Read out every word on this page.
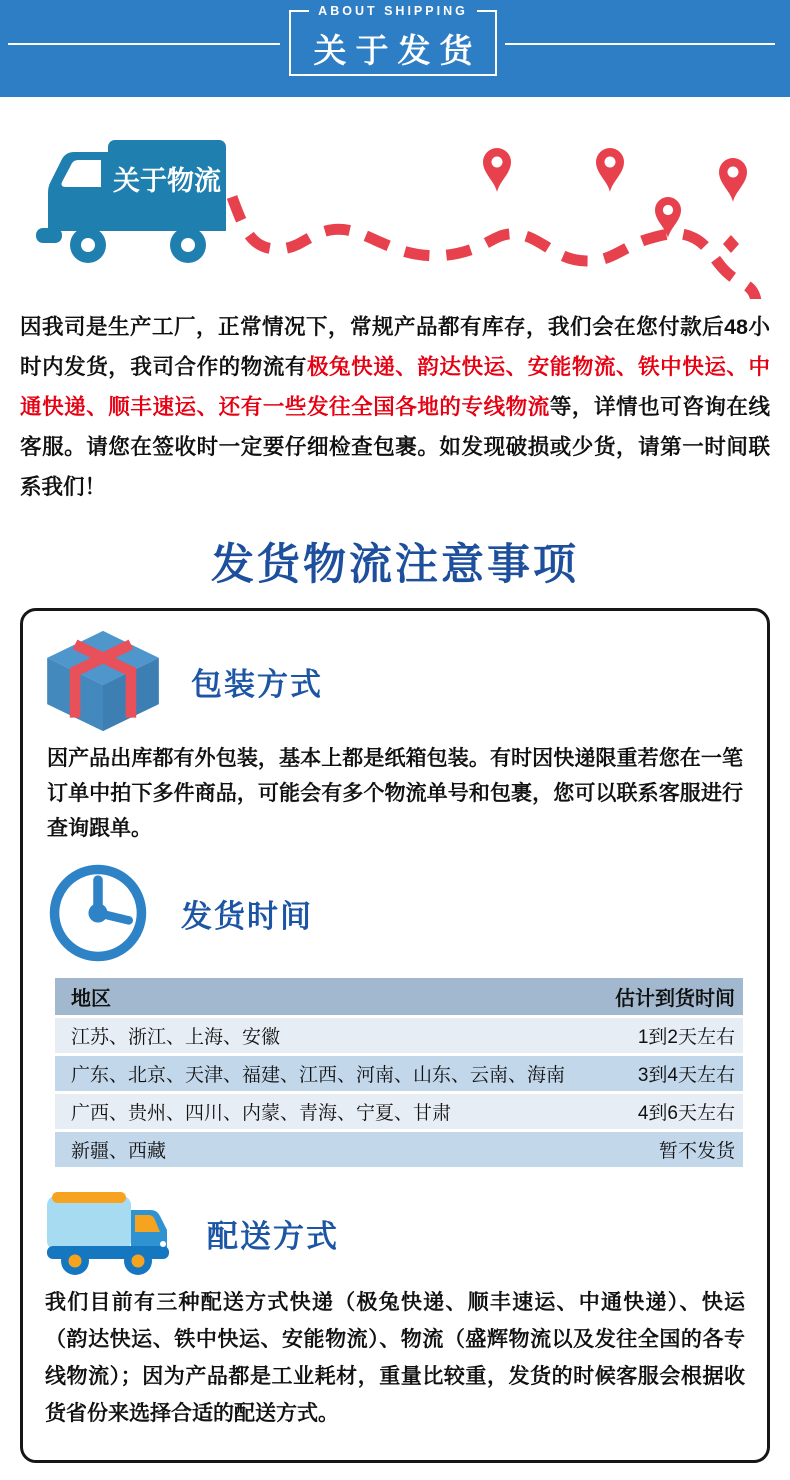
ABOUT SHIPPING
关于发货
关于物流

因我司是生产工厂，正常情况下，常规产品都有库存，我们会在您付款后48小时内发货，我司合作的物流有极兔快递、韵达快运、安能物流、铁中快运、中通快递、顺丰速运、还有一些发往全国各地的专线物流等，详情也可咨询在线客服。请您在签收时一定要仔细检查包裹。如发现破损或少货，请第一时间联系我们！

发货物流注意事项
包装方式

因产品出库都有外包装，基本上都是纸箱包装。有时因快递限重若您在一笔订单中拍下多件商品，可能会有多个物流单号和包裹，您可以联系客服进行查询跟单。

发货时间
地区	估计到货时间
江苏、浙江、上海、安徽	1到2天左右
广东、北京、天津、福建、江西、河南、山东、云南、海南	3到4天左右
广西、贵州、四川、内蒙、青海、宁夏、甘肃	4到6天左右
新疆、西藏	暂不发货
配送方式

我们目前有三种配送方式快递（极兔快递、顺丰速运、中通快递）、快运（韵达快运、铁中快运、安能物流）、物流（盛辉物流以及发往全国的各专线物流）；因为产品都是工业耗材，重量比较重，发货的时候客服会根据收货省份来选择合适的配送方式。
